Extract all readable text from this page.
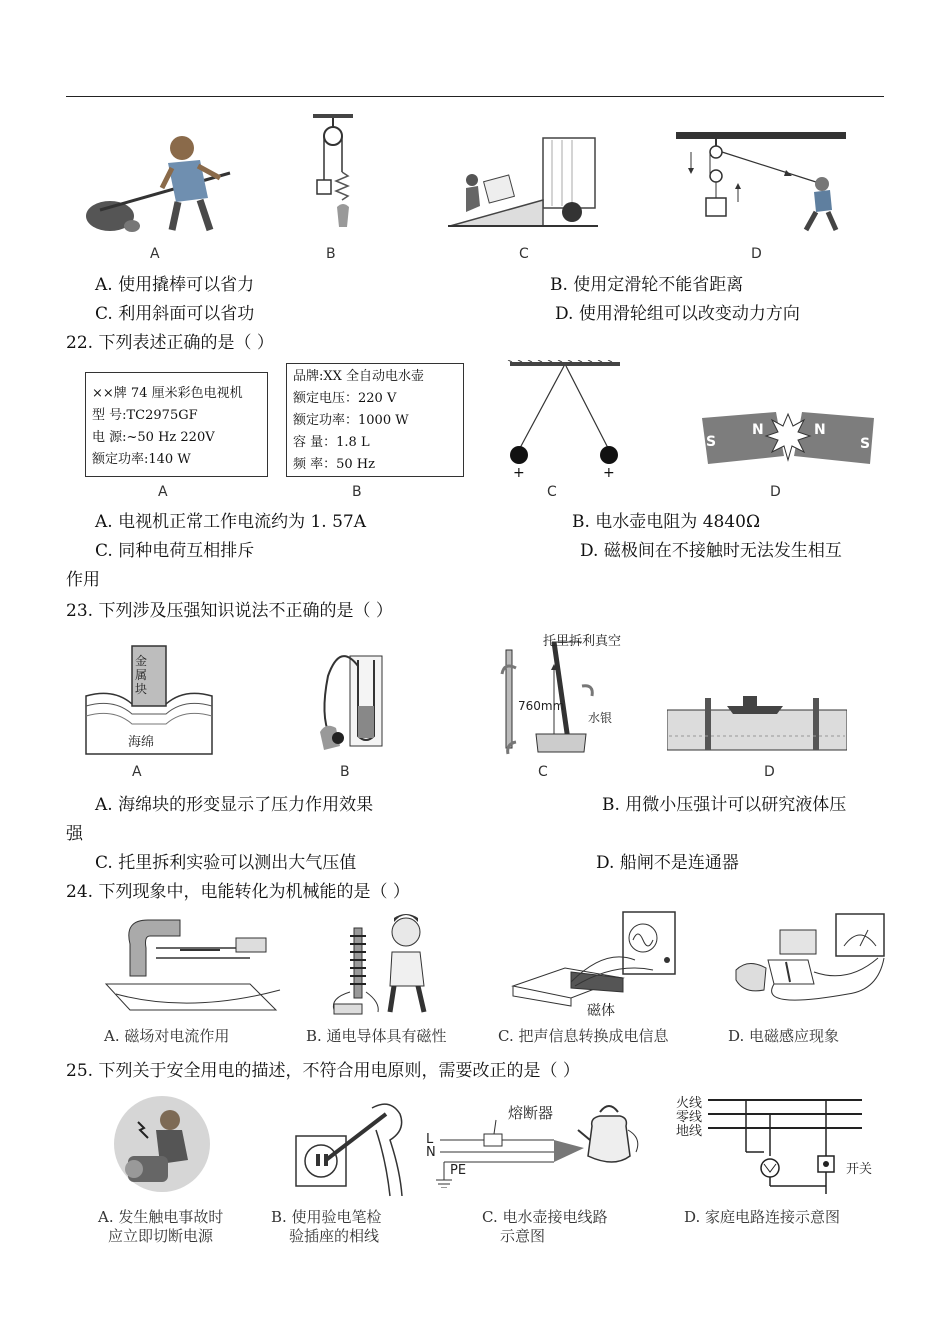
A	B	C	D
A. 使用撬棒可以省力	B. 使用定滑轮不能省距离
C. 利用斜面可以省功	D. 使用滑轮组可以改变动力方向
22. 下列表述正确的是（ ）
××牌 74 厘米彩色电视机
型 号:TC2975GF
电 源:~50 Hz 220V
额定功率:140 W
A
品牌:XX 全自动电水壶
额定电压：220 V
额定功率：1000 W
容 量：1.8 L
频 率：50 Hz
B
+	+
C
S
N	N
S
D
A. 电视机正常工作电流约为 1. 57A	B. 电水壶电阻为 4840Ω
C. 同种电荷互相排斥	D. 磁极间在不接触时无法发生相互
作用
23. 下列涉及压强知识说法不正确的是（ ）
海绵
金属块
A	B
760mm
水银
托里拆利真空
C	D
A. 海绵块的形变显示了压力作用效果	B. 用微小压强计可以研究液体压
强
C. 托里拆利实验可以测出大气压值	D. 船闸不是连通器
24. 下列现象中，电能转化为机械能的是（ ）
A. 磁场对电流作用	B. 通电导体具有磁性
磁体
C. 把声信息转换成电信息	D. 电磁感应现象
25. 下列关于安全用电的描述，不符合用电原则，需要改正的是（ ）
A. 发生触电事故时
应立即切断电源
B. 使用验电笔检
验插座的相线
L
N
PE
熔断器
C. 电水壶接电线路
示意图
火线
零线
地线
开关
D. 家庭电路连接示意图
